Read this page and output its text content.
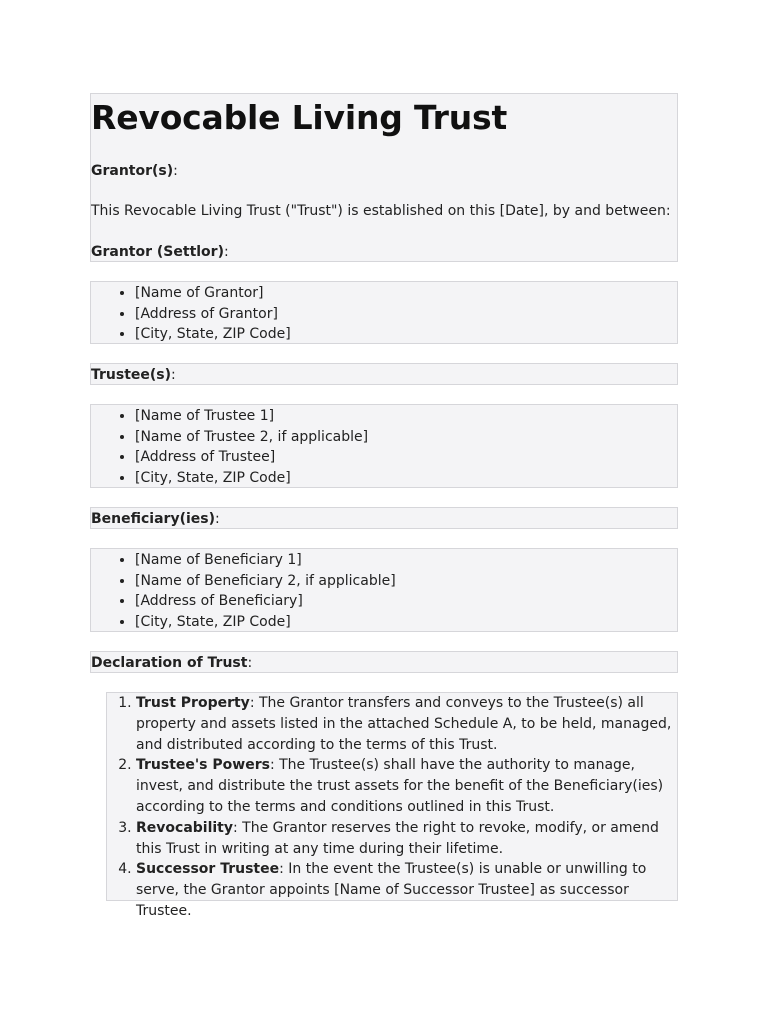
Revocable Living Trust
Grantor(s):
This Revocable Living Trust ("Trust") is established on this [Date], by and between:
Grantor (Settlor):
• [Name of Grantor]
• [Address of Grantor]
• [City, State, ZIP Code]
Trustee(s):
• [Name of Trustee 1]
• [Name of Trustee 2, if applicable]
• [Address of Trustee]
• [City, State, ZIP Code]
Beneficiary(ies):
• [Name of Beneficiary 1]
• [Name of Beneficiary 2, if applicable]
• [Address of Beneficiary]
• [City, State, ZIP Code]
Declaration of Trust:
1. Trust Property: The Grantor transfers and conveys to the Trustee(s) all property and assets listed in the attached Schedule A, to be held, managed, and distributed according to the terms of this Trust.
2. Trustee's Powers: The Trustee(s) shall have the authority to manage, invest, and distribute the trust assets for the benefit of the Beneficiary(ies) according to the terms and conditions outlined in this Trust.
3. Revocability: The Grantor reserves the right to revoke, modify, or amend this Trust in writing at any time during their lifetime.
4. Successor Trustee: In the event the Trustee(s) is unable or unwilling to serve, the Grantor appoints [Name of Successor Trustee] as successor Trustee.
